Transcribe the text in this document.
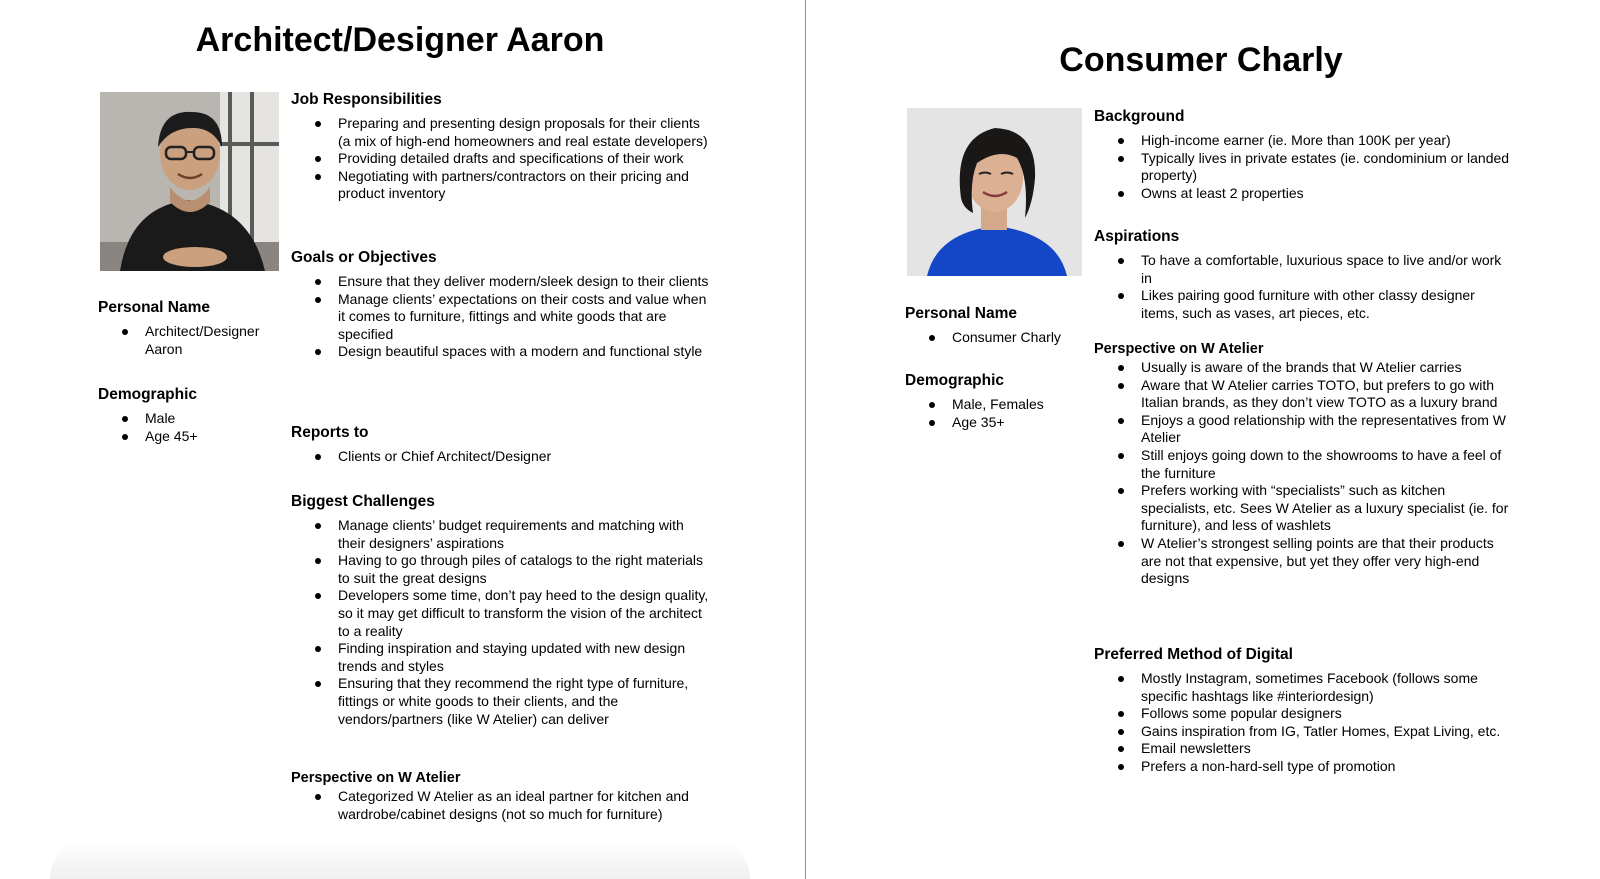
Architect/Designer Aaron
Personal Name
Architect/Designer Aaron
Demographic
Male
Age 45+
Job Responsibilities
Preparing and presenting design proposals for their clients (a mix of high-end homeowners and real estate developers)
Providing detailed drafts and specifications of their work
Negotiating with partners/contractors on their pricing and product inventory
Goals or Objectives
Ensure that they deliver modern/sleek design to their clients
Manage clients’ expectations on their costs and value when it comes to furniture, fittings and white goods that are specified
Design beautiful spaces with a modern and functional style
Reports to
Clients or Chief Architect/Designer
Biggest Challenges
Manage clients’ budget requirements and matching with their designers’ aspirations
Having to go through piles of catalogs to the right materials to suit the great designs
Developers some time, don’t pay heed to the design quality, so it may get difficult to transform the vision of the architect to a reality
Finding inspiration and staying updated with new design trends and styles
Ensuring that they recommend the right type of furniture, fittings or white goods to their clients, and the vendors/partners (like W Atelier) can deliver
Perspective on W Atelier
Categorized W Atelier as an ideal partner for kitchen and wardrobe/cabinet designs (not so much for furniture)
Consumer Charly
Personal Name
Consumer Charly
Demographic
Male, Females
Age 35+
Background
High-income earner (ie. More than 100K per year)
Typically lives in private estates (ie. condominium or landed property)
Owns at least 2 properties
Aspirations
To have a comfortable, luxurious space to live and/or work in
Likes pairing good furniture with other classy designer items, such as vases, art pieces, etc.
Perspective on W Atelier
Usually is aware of the brands that W Atelier carries
Aware that W Atelier carries TOTO, but prefers to go with Italian brands, as they don’t view TOTO as a luxury brand
Enjoys a good relationship with the representatives from W Atelier
Still enjoys going down to the showrooms to have a feel of the furniture
Prefers working with “specialists” such as kitchen specialists, etc. Sees W Atelier as a luxury specialist (ie. for furniture), and less of washlets
W Atelier’s strongest selling points are that their products are not that expensive, but yet they offer very high-end designs
Preferred Method of Digital
Mostly Instagram, sometimes Facebook (follows some specific hashtags like #interiordesign)
Follows some popular designers
Gains inspiration from IG, Tatler Homes, Expat Living, etc.
Email newsletters
Prefers a non-hard-sell type of promotion
